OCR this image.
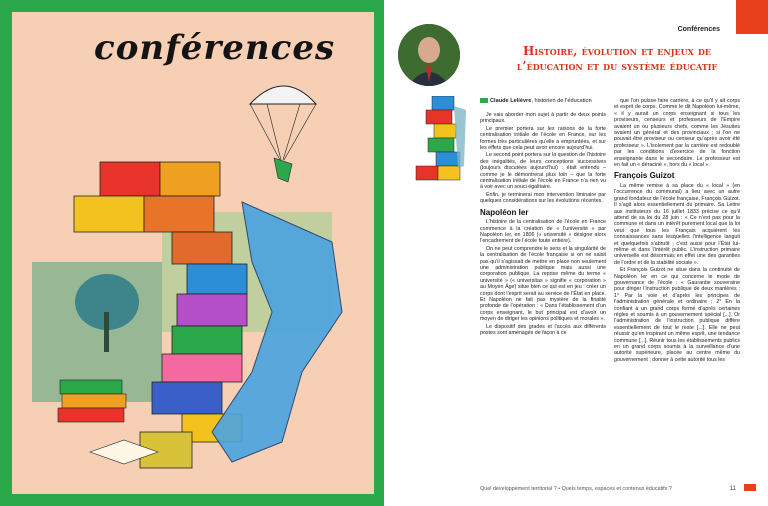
conférences	Conférences
Histoire, évolution et enjeux de l’éducation et du système éducatif
Claude Lelièvre, historien de l’éducation

Je vais aborder mon sujet à partir de deux points principaux.

Le premier portera sur les raisons de la forte centralisation initiale de l’école en France, sur les formes très particulières qu’elle a empruntées, et sur les effets que cela peut avoir encore aujourd’hui.

Le second point portera sur la question de l’histoire des inégalités, de leurs conceptions successives (toujours discutées aujourd’hui) : était entendu – comme je le démontrerai plus loin – que la forte centralisation initiale de l’école en France n’a rien vu à voir avec un souci égalitaire.

Enfin, je terminerai mon intervention liminaire par quelques considérations sur les évolutions récentes.

Napoléon Ier

L’histoire de la centralisation de l’école en France commence à la création de « l’université » par Napoléon Ier, en 1806 (« université » désigne alors l’encadrement de l’école toute entière).

On ne peut comprendre le sens et la singularité de la centralisation de l’école française si on ne saisit pas qu’il s’agissait de mettre en place non seulement une administration publique mais aussi une corporation publique. La reprise même du terme « université » (« universitas » signifie « corporation » au Moyen Âge) situe bien ce qui est en jeu : créer un corps dont l’esprit serait au service de l’État en place. Et Napoléon ne fait pas mystère de la finalité profonde de l’opération : « Dans l’établissement d’un corps enseignant, le but principal est d’avoir un moyen de diriger les opinions politiques et morales ».

Le dispositif des grades et l’accès aux différents postes sont aménagés de façon à ce

que l’on puisse faire carrière, à ce qu’il y ait corps et esprit de corps. Comme le dit Napoléon lui-même, « il y aurait un corps enseignant si tous les proviseurs, censeurs et professeurs de l’Empire avaient un ou plusieurs chefs, comme les Jésuites avaient un général et des provinciaux ; si l’on ne pouvait être proviseur ou censeur qu’après avoir été professeur ». L’isolement par la carrière est redoublé par les conditions d’exercice de la fonction enseignante dans le secondaire. Le professeur est en fait un « déraciné », hors du « local ».

François Guizot

La même remise à sa place du « local » (en l’occurrence du communal) a lieu avec un autre grand fondateur de l’école française, François Guizot. Il s’agit alors essentiellement du primaire. Sa Lettre aux instituteurs du 16 juillet 1833 précise ce qu’il attend de sa loi du 28 juin : « Ce n’est pas pour la commune et dans un intérêt purement local que la loi veut que tous les Français acquièrent les connaissances sans lesquelles l’intelligence languit et quelquefois s’abrutit ; c’est aussi pour l’État lui-même et dans l’intérêt public. L’instruction primaire universelle est désormais en effet une des garanties de l’ordre et de la stabilité sociale ».

Et François Guizot ne situe dans la continuité de Napoléon Ier en ce qui concerne le mode de gouvernance de l’école : « Gaurantie souveraine pour diriger l’instruction publique de deux manières : 1° Par la voie et d’après les principes de l’administration générale et ordinaire ; 2° En la confiant à un grand corps formé d’après certaines règles et soumis à un gouvernement spécial [...]. Or l’administration de l’instruction publique diffère essentiellement de tout le reste [...]. Elle ne peut réussir qu’en inspirant un même esprit, une tendance commune [...]. Réunir tous les établissements publics en un grand corps soumis à la surveillance d’une autorité supérieure, placée au centre même du gouvernement ; donner à cette autorité tous les

Quel développement territorial ? • Quels temps, espaces et contenus éducatifs ?	11
